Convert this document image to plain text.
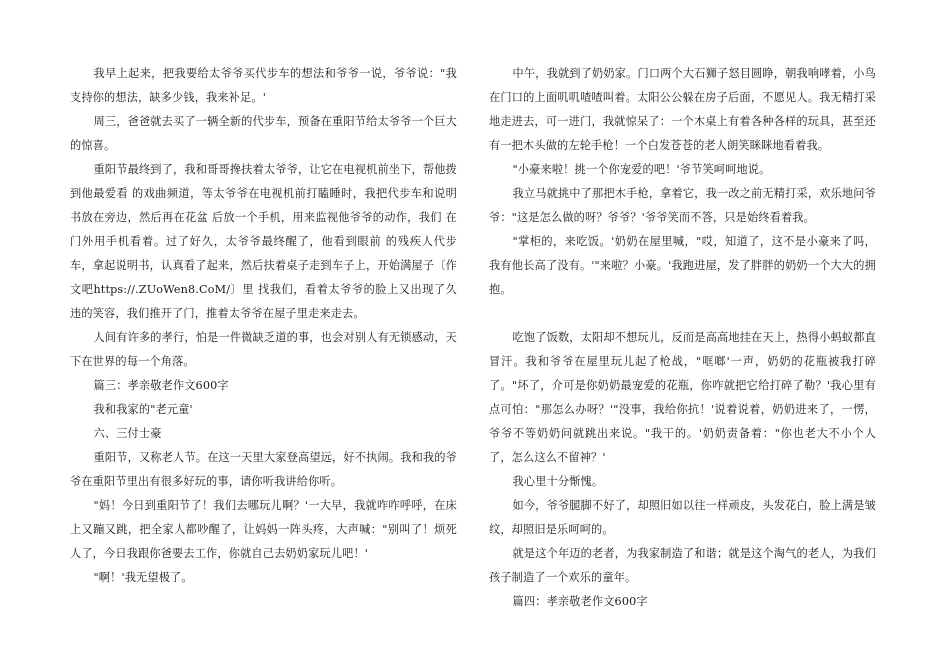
我早上起来，把我要给太爷爷买代步车的想法和爷爷一说，爷爷说："我支持你的想法，缺多少钱，我来补足。'

周三，爸爸就去买了一辆全新的代步车，预备在重阳节给太爷爷一个巨大的惊喜。

重阳节最终到了，我和哥哥搀扶着太爷爷，让它在电视机前坐下，帮他拨到他最爱看 的戏曲频道，等太爷爷在电视机前打瞌睡时，我把代步车和说明书放在旁边，然后再在花盆 后放一个手机，用来监视他爷爷的动作，我们 在门外用手机看着。过了好久，太爷爷最终醒了，他看到眼前 的残疾人代步车，拿起说明书，认真看了起来，然后扶着桌子走到车子上，开始满屋子〔作文吧https://.ZUoWen8.CoM/〕里 找我们，看着太爷爷的脸上又出现了久违的笑容，我们推开了门，推着太爷爷在屋子里走来走去。

人间有许多的孝行，怕是一件微缺乏道的事，也会对别人有无锁感动，天下在世界的每一个角落。

篇三：孝亲敬老作文600字

我和我家的"老元童'

六、三付士豪

重阳节，又称老人节。在这一天里大家登高望远，好不执闹。我和我的爷爷在重阳节里出有很多好玩的事，请你听我讲给你听。

"妈！今日到重阳节了！我们去哪玩儿啊？'一大早，我就咋咋呼呼，在床上又蹦又跳，把全家人都吵醒了，让妈妈一阵头疼，大声喊："别叫了！烦死人了，今日我跟你爸要去工作，你就自己去奶奶家玩儿吧！'

"啊！'我无望极了。

中午，我就到了奶奶家。门口两个大石狮子怒目圆睁，朝我响哮着，小鸟在门口的上面叽叽喳喳叫着。太阳公公躲在房子后面，不愿见人。我无精打采地走进去，可一进门，我就惊呆了：一个木桌上有着各种各样的玩具，甚至还有一把木头做的左轮手枪！一个白发苍苍的老人朗笑眯眯地看着我。

"小豪来啦！挑一个你宠爱的吧！'爷节笑呵呵地说。

我立马就挑中了那把木手枪，拿着它，我一改之前无精打采，欢乐地问爷爷："这是怎么做的呀？爷爷？'爷爷笑而不答，只是始终看着我。

"掌柜的，来吃饭。'奶奶在屋里喊，"哎，知道了，这不是小豪来了吗，我有他长高了没有。'"来啦？小豪。'我跑进屋，发了胖胖的奶奶一个大大的拥抱。

吃饱了饭数，太阳却不想玩儿，反而是高高地挂在天上，热得小蚂蚁都直冒汗。我和爷爷在屋里玩儿起了枪战，"哐啷'一声，奶奶的花瓶被我打碎了。"坏了，介可是你奶奶最宠爱的花瓶，你咋就把它给打碎了勒？'我心里有点可怕："那怎么办呀？'"没事，我给你抗！'说着说着，奶奶进来了，一愣，爷爷不等奶奶问就跳出来说。"我干的。'奶奶责备着："你也老大不小个人了，怎么这么不留神？'

我心里十分惭愧。

如今，爷爷腿脚不好了，却照旧如以往一样顽皮，头发花白，脸上满是皱纹，却照旧是乐呵呵的。

就是这个年迈的老者，为我家制造了和谐；就是这个淘气的老人，为我们孩子制造了一个欢乐的童年。

篇四：孝亲敬老作文600字
